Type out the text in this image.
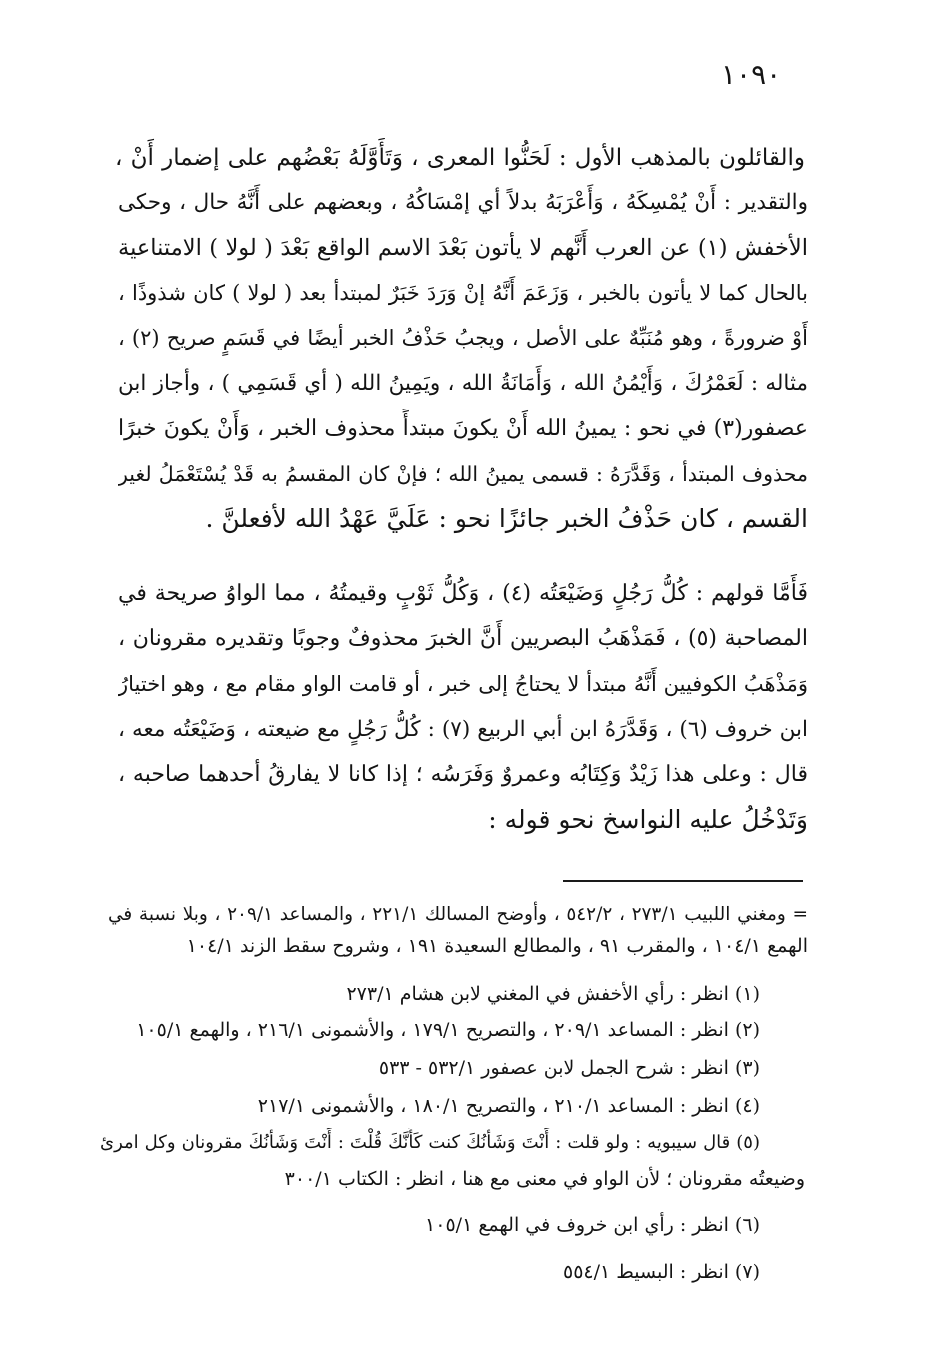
١٠٩٠
والقائلون بالمذهب الأول : لَحَنُّوا المعرى ، وَتَأَوَّلَهُ بَعْضُهم على إضمار أَنْ ،
والتقدير : أَنْ يُمْسِكَهُ ، وَأَعْرَبَهُ بدلاً أي إمْسَاكُهُ ، وبعضهم على أَنَّهُ حال ، وحكى
الأخفش (١) عن العرب أَنَّهم لا يأتون بَعْدَ الاسم الواقع بَعْدَ ( لولا ) الامتناعية
بالحال كما لا يأتون بالخبر ، وَزَعَمَ أَنَّهُ إنْ وَرَدَ خَبَرٌ لمبتدأ بعد ( لولا ) كان شذوذًا ،
أَوْ ضرورةً ، وهو مُنَبِّهٌ على الأصل ، ويجبُ حَذْفُ الخبر أيضًا في قَسَمٍ صريح (٢) ،
مثاله : لَعَمْرُكَ ، وَأَيْمُنُ الله ، وَأَمَانَةُ الله ، ويَمِينُ الله ( أي قَسَمِي ) ، وأجاز ابن
عصفور(٣) في نحو : يمينُ الله أَنْ يكونَ مبتدأً محذوف الخبر ، وَأَنْ يكونَ خبرًا
محذوف المبتدأ ، وَقَدَّرَهُ : قسمى يمينُ الله ؛ فإنْ كان المقسمُ به قَدْ يُسْتَعْمَلُ لغير
القسم ، كان حَذْفُ الخبر جائزًا نحو : عَلَيَّ عَهْدُ الله لأفعلنَّ .
فَأَمَّا قولهم : كُلُّ رَجُلٍ وَضَيْعَتُه (٤) ، وَكُلُّ ثَوْبٍ وقيمتُهُ ، مما الواوُ صريحة في
المصاحبة (٥) ، فَمَذْهَبُ البصريين أَنَّ الخبرَ محذوفٌ وجوبًا وتقديره مقرونان ،
وَمَذْهَبُ الكوفيين أَنَّهُ مبتدأ لا يحتاجُ إلى خبر ، أو قامت الواو مقام مع ، وهو اختيارُ
ابن خروف (٦) ، وَقَدَّرَهُ ابن أبي الربيع (٧) : كُلُّ رَجُلٍ مع ضيعته ، وَضَيْعَتُه معه ،
قال : وعلى هذا زَيْدٌ وَكِتَابُه وعمروٌ وَفَرَسُه ؛ إذا كانا لا يفارقُ أحدهما صاحبه ،
وَتَدْخُلُ عليه النواسخ نحو قوله :
= ومغني اللبيب ٢٧٣/١ ، ٥٤٢/٢ ، وأوضح المسالك ٢٢١/١ ، والمساعد ٢٠٩/١ ، وبلا نسبة في
الهمع ١٠٤/١ ، والمقرب ٩١ ، والمطالع السعيدة ١٩١ ، وشروح سقط الزند ١٠٤/١
(١) انظر : رأي الأخفش في المغني لابن هشام ٢٧٣/١
(٢) انظر : المساعد ٢٠٩/١ ، والتصريح ١٧٩/١ ، والأشمونى ٢١٦/١ ، والهمع ١٠٥/١
(٣) انظر : شرح الجمل لابن عصفور ٥٣٢/١ - ٥٣٣
(٤) انظر : المساعد ٢١٠/١ ، والتصريح ١٨٠/١ ، والأشمونى ٢١٧/١
(٥) قال سيبويه : ولو قلت : أَنْتَ وَشَأْنُكَ كنت كَأَنَّكَ قُلْتَ : أَنْتَ وَشَأْنُكَ مقرونان وكل امرئ
وضيعتُه مقرونان ؛ لأن الواو في معنى مع هنا ، انظر : الكتاب ٣٠٠/١
(٦) انظر : رأي ابن خروف في الهمع ١٠٥/١
(٧) انظر : البسيط ٥٥٤/١
